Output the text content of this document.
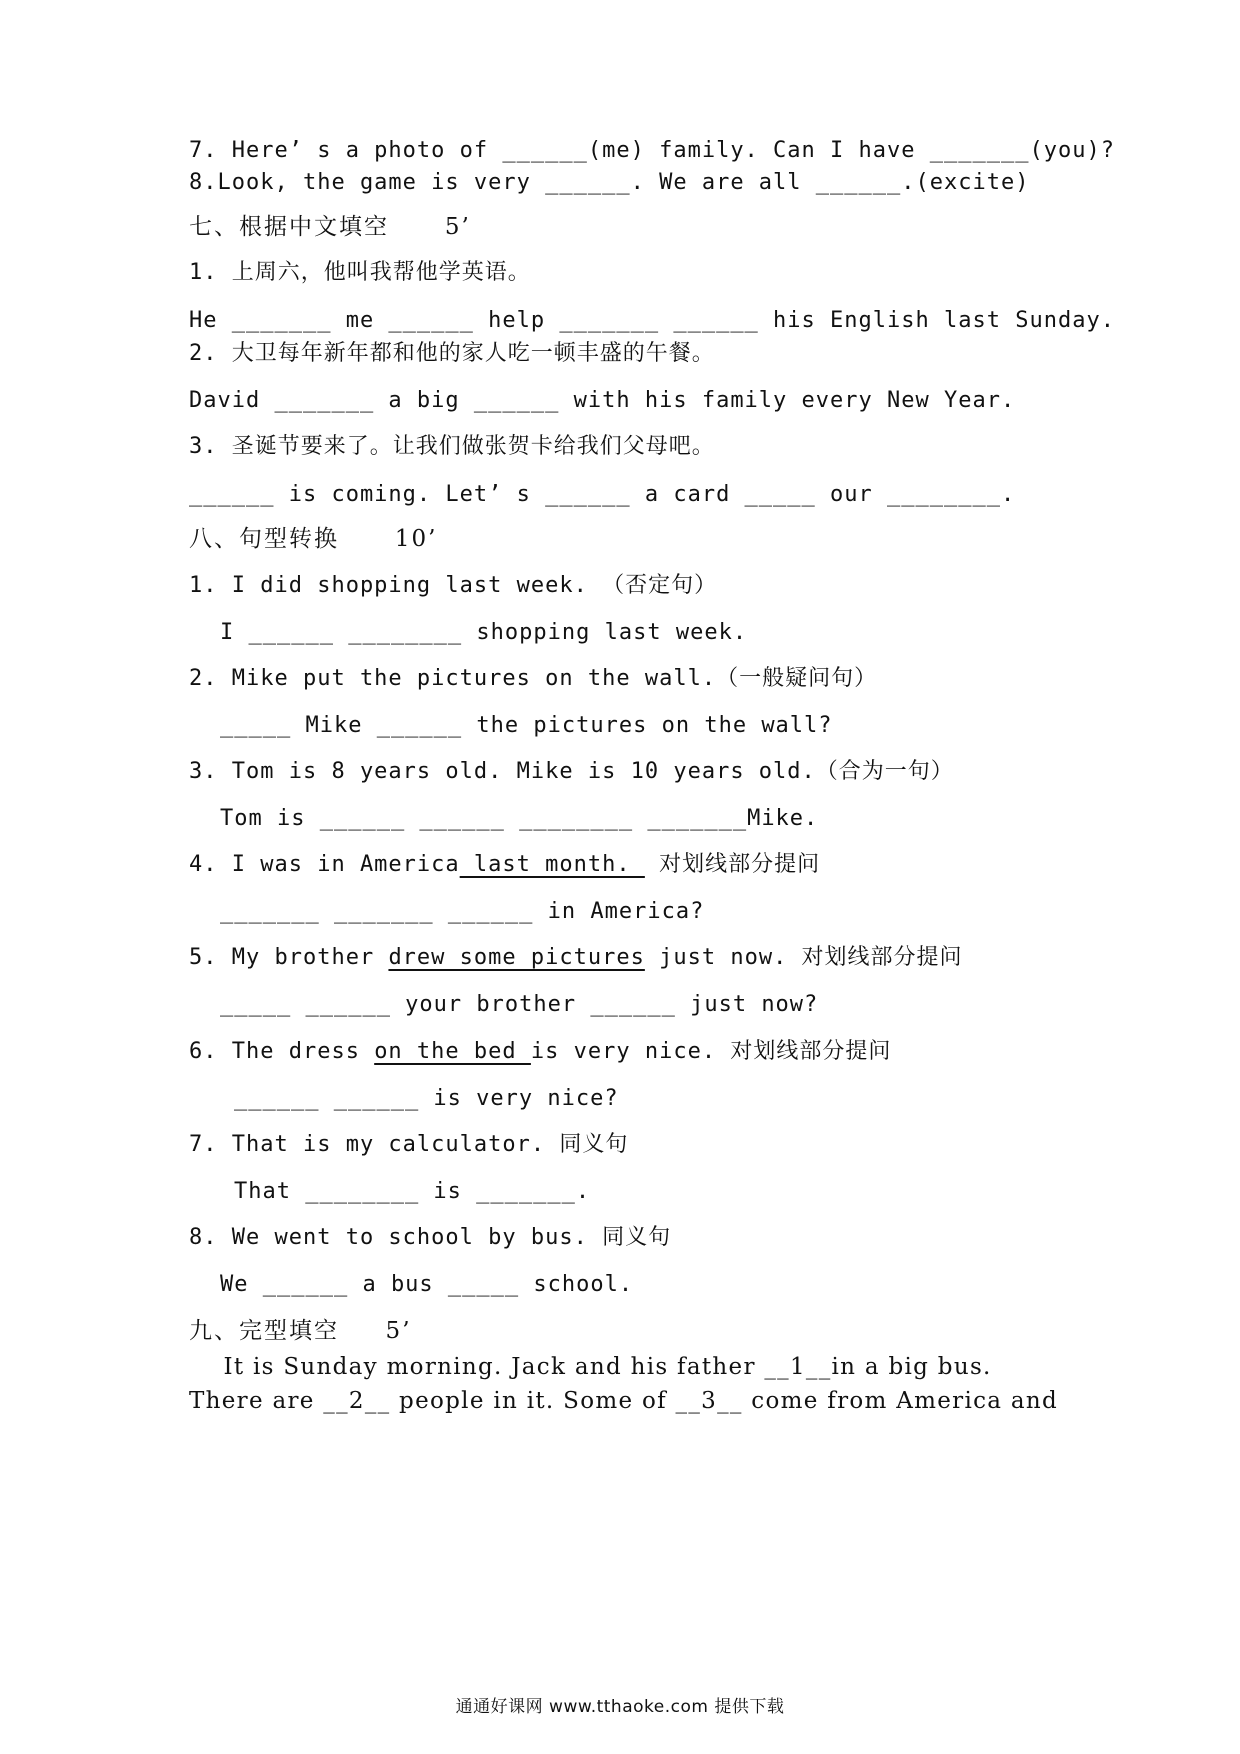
7. Here’ s a photo of ______(me) family. Can I have _______(you)?
8.Look, the game is very ______. We are all ______.(excite)
七、根据中文填空      5’
1. 上周六，他叫我帮他学英语。
He _______ me ______ help _______ ______ his English last Sunday.
2. 大卫每年新年都和他的家人吃一顿丰盛的午餐。
David _______ a big ______ with his family every New Year.
3. 圣诞节要来了。让我们做张贺卡给我们父母吧。
______ is coming. Let’ s ______ a card _____ our ________.
八、句型转换      10’
1. I did shopping last week. （否定句）
I ______ ________ shopping last week.
2. Mike put the pictures on the wall.（一般疑问句）
_____ Mike ______ the pictures on the wall?
3. Tom is 8 years old. Mike is 10 years old.（合为一句）
Tom is ______ ______ ________ _______Mike.
4. I was in America last month.  对划线部分提问
_______ _______ ______ in America?
5. My brother drew some pictures just now. 对划线部分提问
_____ ______ your brother ______ just now?
6. The dress on the bed is very nice. 对划线部分提问
______ ______ is very nice?
7. That is my calculator. 同义句
That ________ is _______.
8. We went to school by bus. 同义句
We ______ a bus _____ school.
九、完型填空     5’
It is Sunday morning. Jack and his father __1__in a big bus.
There are __2__ people in it. Some of __3__ come from America and
通通好课网 www.tthaoke.com 提供下载
